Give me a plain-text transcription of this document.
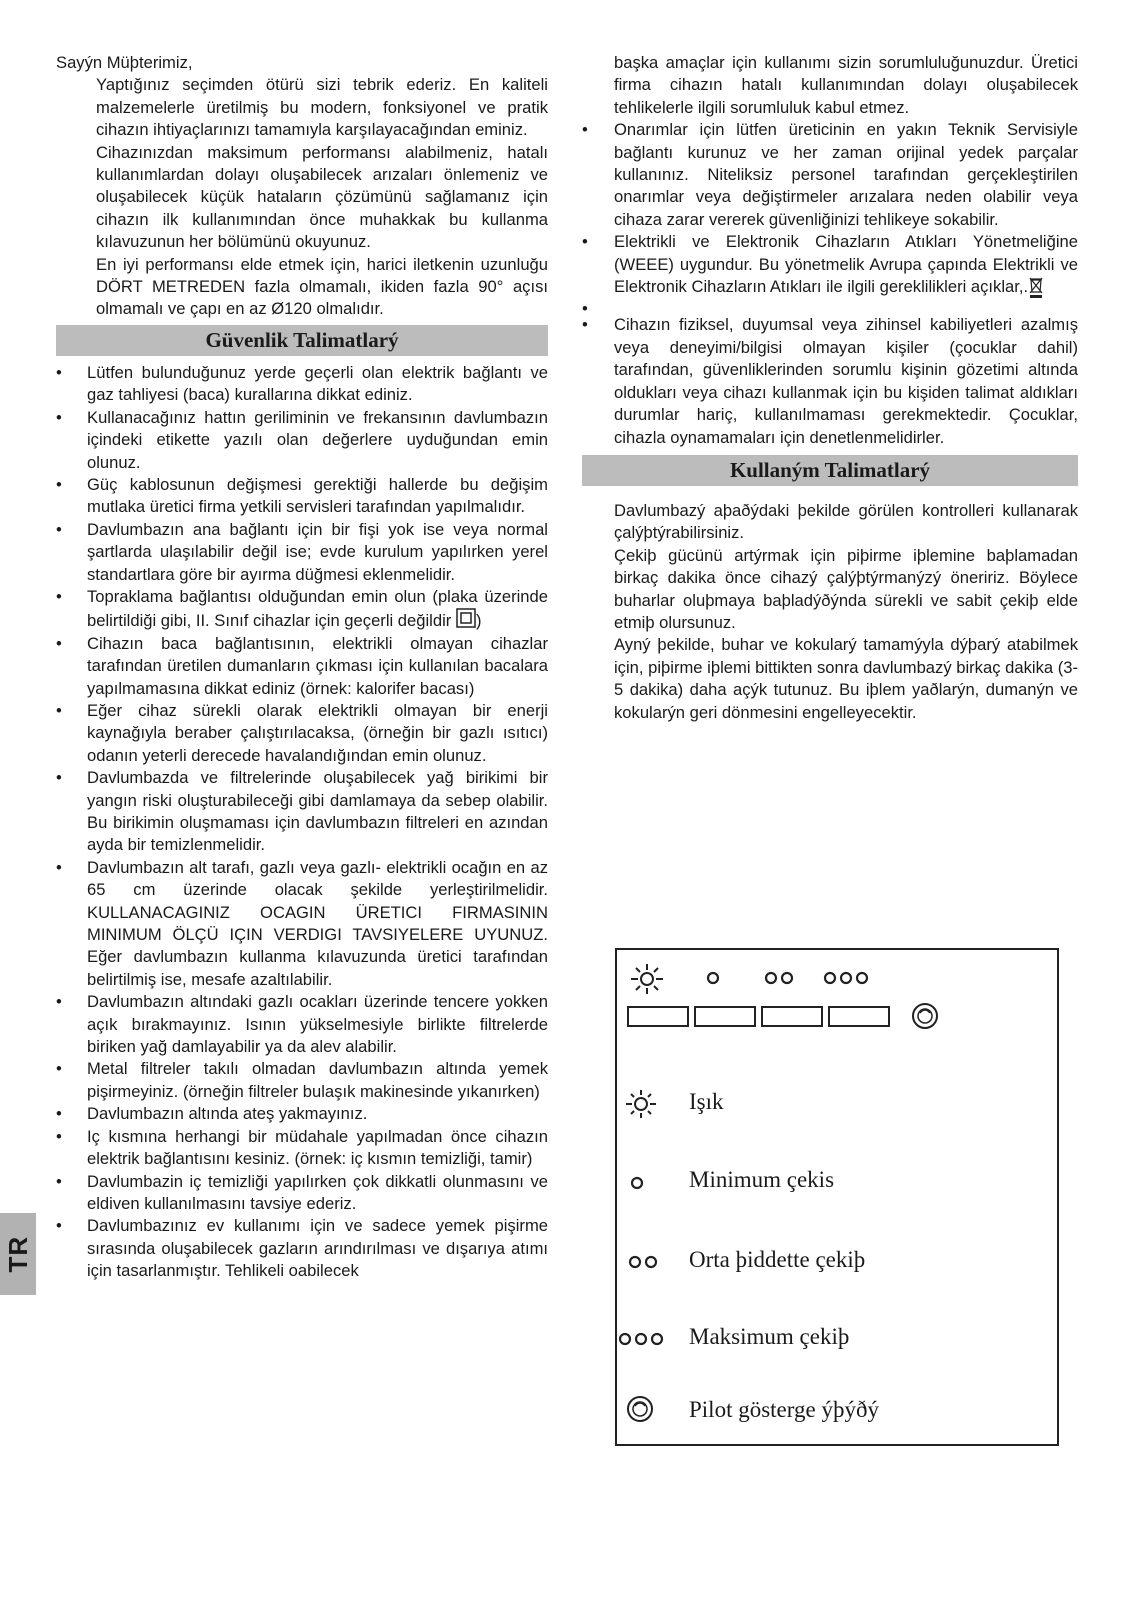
Sayýn Müþterimiz,

Yaptığınız seçimden ötürü sizi tebrik ederiz. En kaliteli malzemelerle üretilmiş bu modern, fonksiyonel ve pratik cihazın ihtiyaçlarınızı tamamıyla karşılayacağından eminiz.

Cihazınızdan maksimum performansı alabilmeniz, hatalı kullanımlardan dolayı oluşabilecek arızaları önlemeniz ve oluşabilecek küçük hataların çözümünü sağlamanız için cihazın ilk kullanımından önce muhakkak bu kullanma kılavuzunun her bölümünü okuyunuz.

En iyi performansı elde etmek için, harici iletkenin uzunluğu DÖRT METREDEN fazla olmamalı, ikiden fazla 90° açısı olmamalı ve çapı en az Ø120 olmalıdır.

Güvenlik Talimatlarý
• Lütfen bulunduğunuz yerde geçerli olan elektrik bağlantı ve gaz tahliyesi (baca) kurallarına dikkat ediniz.
• Kullanacağınız hattın geriliminin ve frekansının davlumbazın içindeki etikette yazılı olan değerlere uyduğundan emin olunuz.
• Güç kablosunun değişmesi gerektiği hallerde bu değişim mutlaka üretici firma yetkili servisleri tarafından yapılmalıdır.
• Davlumbazın ana bağlantı için bir fişi yok ise veya normal şartlarda ulaşılabilir değil ise; evde kurulum yapılırken yerel standartlara göre bir ayırma düğmesi eklenmelidir.
• Topraklama bağlantısı olduğundan emin olun (plaka üzerinde belirtildiği gibi, II. Sınıf cihazlar için geçerli değildir )
• Cihazın baca bağlantısının, elektrikli olmayan cihazlar tarafından üretilen dumanların çıkması için kullanılan bacalara yapılmamasına dikkat ediniz (örnek: kalorifer bacası)
• Eğer cihaz sürekli olarak elektrikli olmayan bir enerji kaynağıyla beraber çalıştırılacaksa, (örneğin bir gazlı ısıtıcı) odanın yeterli derecede havalandığından emin olunuz.
• Davlumbazda ve filtrelerinde oluşabilecek yağ birikimi bir yangın riski oluşturabileceği gibi damlamaya da sebep olabilir. Bu birikimin oluşmaması için davlumbazın filtreleri en azından ayda bir temizlenmelidir.
• Davlumbazın alt tarafı, gazlı veya gazlı- elektrikli ocağın en az 65 cm üzerinde olacak şekilde yerleştirilmelidir. KULLANACAGINIZ OCAGIN ÜRETICI FIRMASININ MINIMUM ÖLÇÜ IÇIN VERDIGI TAVSIYELERE UYUNUZ. Eğer davlumbazın kullanma kılavuzunda üretici tarafından belirtilmiş ise, mesafe azaltılabilir.
• Davlumbazın altındaki gazlı ocakları üzerinde tencere yokken açık bırakmayınız. Isının yükselmesiyle birlikte filtrelerde biriken yağ damlayabilir ya da alev alabilir.
• Metal filtreler takılı olmadan davlumbazın altında yemek pişirmeyiniz. (örneğin filtreler bulaşık makinesinde yıkanırken)
• Davlumbazın altında ateş yakmayınız.
• Iç kısmına herhangi bir müdahale yapılmadan önce cihazın elektrik bağlantısını kesiniz. (örnek: iç kısmın temizliği, tamir)
• Davlumbazin iç temizliği yapılırken çok dikkatli olunmasını ve eldiven kullanılmasını tavsiye ederiz.
• Davlumbazınız ev kullanımı için ve sadece yemek pişirme sırasında oluşabilecek gazların arındırılması ve dışarıya atımı için tasarlanmıştır. Tehlikeli oabilecek

başka amaçlar için kullanımı sizin sorumluluğunuzdur. Üretici firma cihazın hatalı kullanımından dolayı oluşabilecek tehlikelerle ilgili sorumluluk kabul etmez.

• Onarımlar için lütfen üreticinin en yakın Teknik Servisiyle bağlantı kurunuz ve her zaman orijinal yedek parçalar kullanınız. Niteliksiz personel tarafından gerçekleştirilen onarımlar veya değiştirmeler arızalara neden olabilir veya cihaza zarar vererek güvenliğinizi tehlikeye sokabilir.
• Elektrikli ve Elektronik Cihazların Atıkları Yönetmeliğine (WEEE) uygundur. Bu yönetmelik Avrupa çapında Elektrikli ve Elektronik Cihazların Atıkları ile ilgili gereklilikleri açıklar,.
•
• Cihazın fiziksel, duyumsal veya zihinsel kabiliyetleri azalmış veya deneyimi/bilgisi olmayan kişiler (çocuklar dahil) tarafından, güvenliklerinden sorumlu kişinin gözetimi altında oldukları veya cihazı kullanmak için bu kişiden talimat aldıkları durumlar hariç, kullanılmaması gerekmektedir. Çocuklar, cihazla oynamamaları için denetlenmelidirler.
Kullaným Talimatlarý

Davlumbazý aþaðýdaki þekilde görülen kontrolleri kullanarak çalýþtýrabilirsiniz.

Çekiþ gücünü artýrmak için piþirme iþlemine baþlamadan birkaç dakika önce cihazý çalýþtýrmanýzý öneririz. Böylece buharlar oluþmaya baþladýðýnda sürekli ve sabit çekiþ elde etmiþ olursunuz.

Ayný þekilde, buhar ve kokularý tamamýyla dýþarý atabilmek için, piþirme iþlemi bittikten sonra davlumbazý birkaç dakika (3-5 dakika) daha açýk tutunuz. Bu iþlem yaðlarýn, dumanýn ve kokularýn geri dönmesini engelleyecektir.

Işık
Minimum çekis
Orta þiddette çekiþ
Maksimum çekiþ
Pilot gösterge ýþýðý
TR
